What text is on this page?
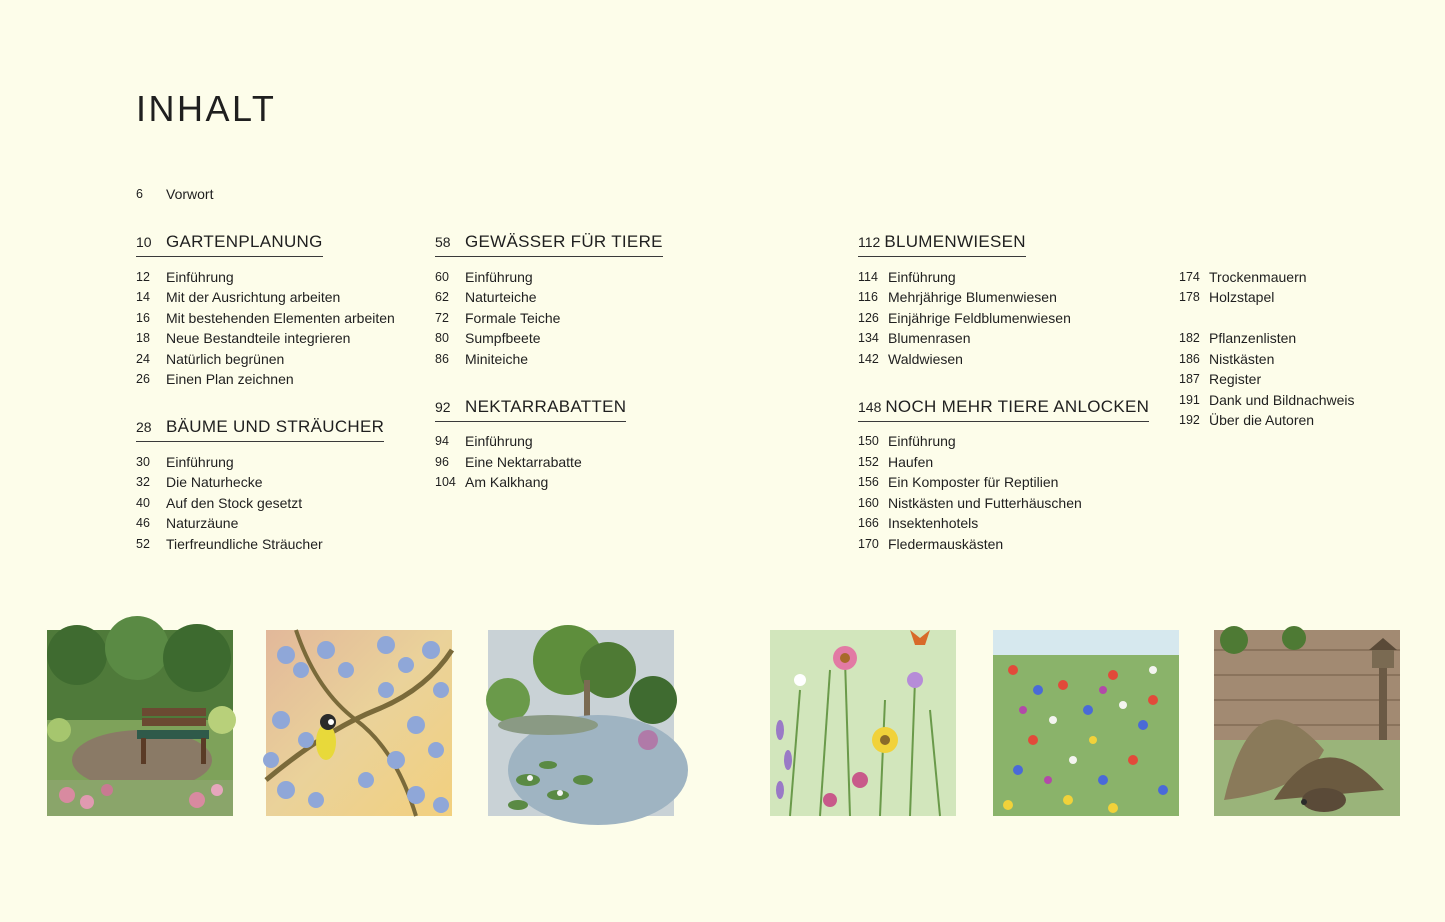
INHALT
6 Vorwort
10 GARTENPLANUNG
12 Einführung
14 Mit der Ausrichtung arbeiten
16 Mit bestehenden Elementen arbeiten
18 Neue Bestandteile integrieren
24 Natürlich begrünen
26 Einen Plan zeichnen
28 BÄUME UND STRÄUCHER
30 Einführung
32 Die Naturhecke
40 Auf den Stock gesetzt
46 Naturzäune
52 Tierfreundliche Sträucher
58 GEWÄSSER FÜR TIERE
60 Einführung
62 Naturteiche
72 Formale Teiche
80 Sumpfbeete
86 Miniteiche
92 NEKTARRABATTEN
94 Einführung
96 Eine Nektarrabatte
104 Am Kalkhang
112 BLUMENWIESEN
114 Einführung
116 Mehrjährige Blumenwiesen
126 Einjährige Feldblumenwiesen
134 Blumenrasen
142 Waldwiesen
148 NOCH MEHR TIERE ANLOCKEN
150 Einführung
152 Haufen
156 Ein Komposter für Reptilien
160 Nistkästen und Futterhäuschen
166 Insektenhotels
170 Fledermauskästen
174 Trockenmauern
178 Holzstapel
182 Pflanzenlisten
186 Nistkästen
187 Register
191 Dank und Bildnachweis
192 Über die Autoren
